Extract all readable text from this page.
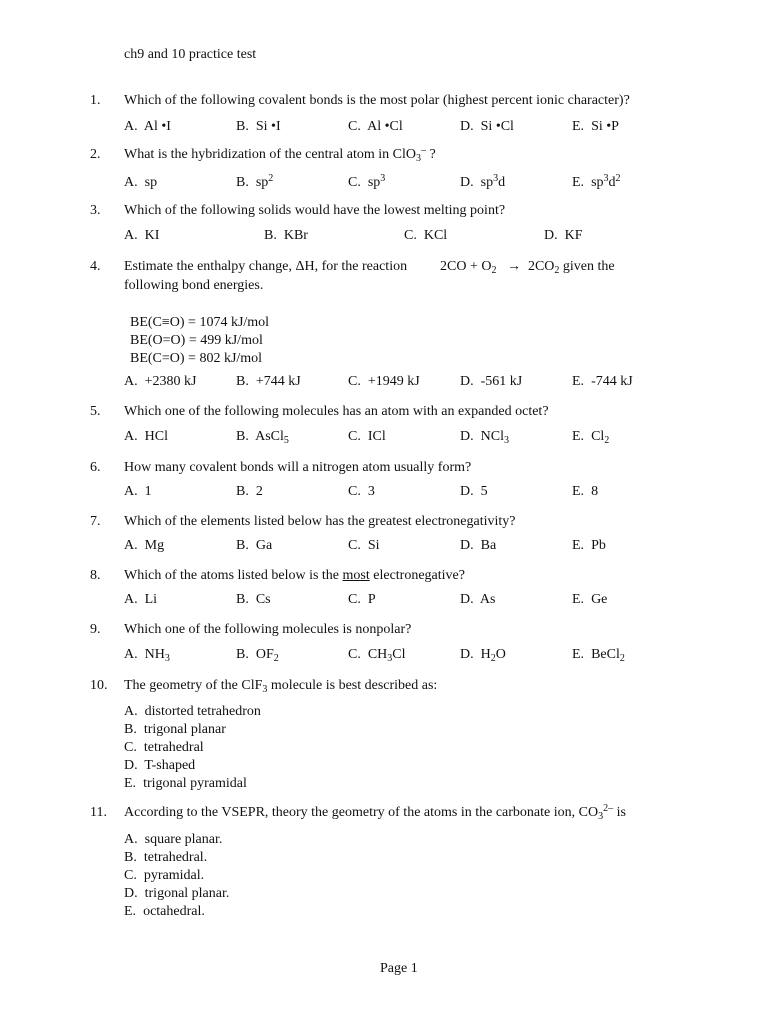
ch9 and 10 practice test
1. Which of the following covalent bonds is the most polar (highest percent ionic character)?
A. Al •I	B. Si •I	C. Al •Cl	D. Si •Cl	E. Si •P
2. What is the hybridization of the central atom in ClO$_3$– ?
A. sp	B. $sp^2$	C. $sp^3$	D. $sp^3d$	E. $sp^3d^2$
3. Which of the following solids would have the lowest melting point?
A. KI	B. KBr	C. KCl	D. KF
4. Estimate the enthalpy change, ΔH, for the reaction $2CO + O_2 \to 2CO_2$ given the
following bond energies.
BE(C≡O) = 1074 kJ/mol
BE(O=O) = 499 kJ/mol
BE(C=O) = 802 kJ/mol
A. +2380 kJ	B. +744 kJ	C. +1949 kJ	D. -561 kJ	E. -744 kJ
5. Which one of the following molecules has an atom with an expanded octet?
A. HCl	B. AsCl$_5$	C. ICl	D. NCl$_3$	E. $Cl_2$
6. How many covalent bonds will a nitrogen atom usually form?
A. 1	B. 2	C. 3	D. 5	E. 8
7. Which of the elements listed below has the greatest electronegativity?
A. Mg	B. Ga	C. Si	D. Ba	E. Pb
8. Which of the atoms listed below is the most electronegative?
A. Li	B. Cs	C. P	D. As	E. Ge
9. Which one of the following molecules is nonpolar?
A. $NH_3$	B. $OF_2$	C. $CH_3Cl$	D. $H_2O$	E. BeCl$_2$
10. The geometry of the ClF$_3$ molecule is best described as:
A. distorted tetrahedron
B. trigonal planar
C. tetrahedral
D. T-shaped
E. trigonal pyramidal
11. According to the VSEPR, theory the geometry of the atoms in the carbonate ion, $CO_3^{2-}$ is
A. square planar.
B. tetrahedral.
C. pyramidal.
D. trigonal planar.
E. octahedral.
Page 1
